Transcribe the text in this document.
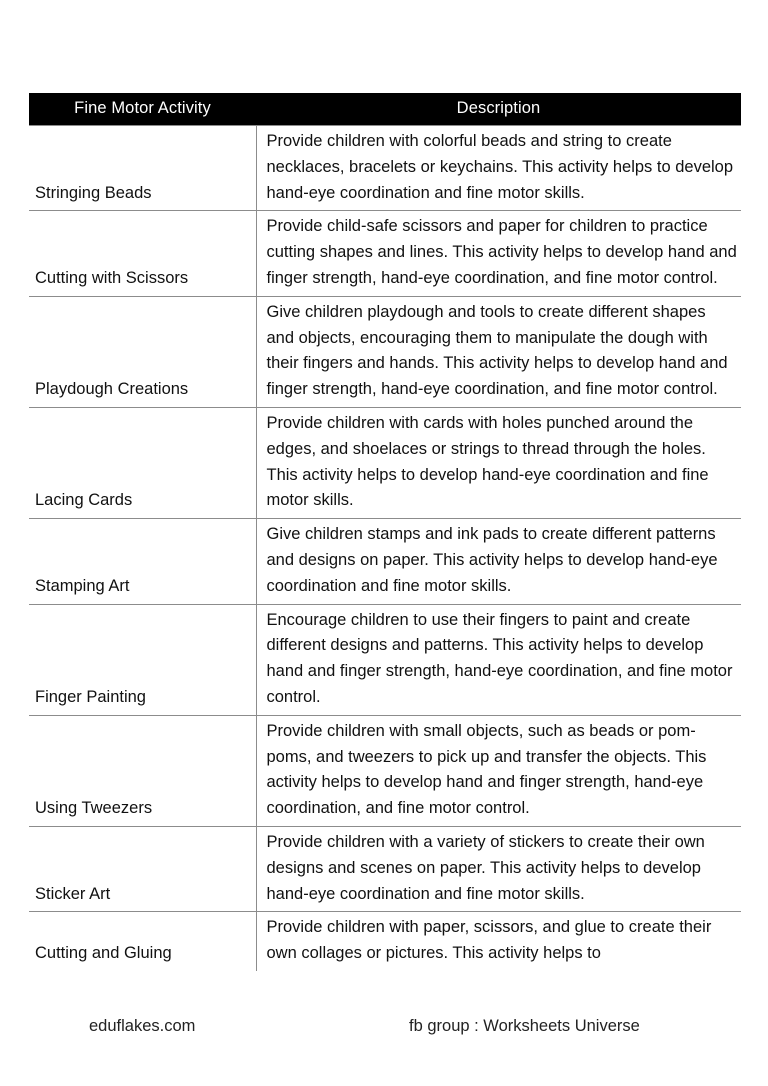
Fine Motor Activity	Description
Stringing Beads	Provide children with colorful beads and string to create necklaces, bracelets or keychains. This activity helps to develop hand-eye coordination and fine motor skills.
Cutting with Scissors	Provide child-safe scissors and paper for children to practice cutting shapes and lines. This activity helps to develop hand and finger strength, hand-eye coordination, and fine motor control.
Playdough Creations	Give children playdough and tools to create different shapes and objects, encouraging them to manipulate the dough with their fingers and hands. This activity helps to develop hand and finger strength, hand-eye coordination, and fine motor control.
Lacing Cards	Provide children with cards with holes punched around the edges, and shoelaces or strings to thread through the holes. This activity helps to develop hand-eye coordination and fine motor skills.
Stamping Art	Give children stamps and ink pads to create different patterns and designs on paper. This activity helps to develop hand-eye coordination and fine motor skills.
Finger Painting	Encourage children to use their fingers to paint and create different designs and patterns. This activity helps to develop hand and finger strength, hand-eye coordination, and fine motor control.
Using Tweezers	Provide children with small objects, such as beads or pom-poms, and tweezers to pick up and transfer the objects. This activity helps to develop hand and finger strength, hand-eye coordination, and fine motor control.
Sticker Art	Provide children with a variety of stickers to create their own designs and scenes on paper. This activity helps to develop hand-eye coordination and fine motor skills.
Cutting and Gluing	Provide children with paper, scissors, and glue to create their own collages or pictures. This activity helps to
eduflakes.com	fb group : Worksheets Universe
